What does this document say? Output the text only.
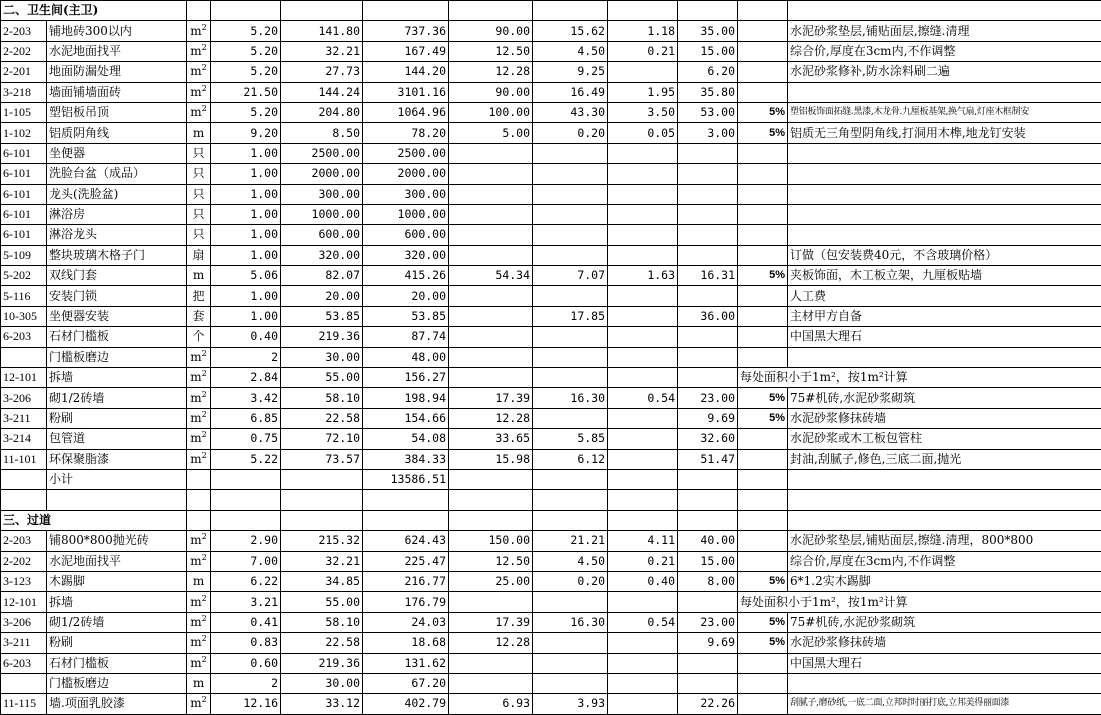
二、卫生间(主卫)											
2-203	铺地砖300以内	$m^2$	5.20	141.80	737.36	90.00	15.62	1.18	35.00		水泥砂浆垫层,铺贴面层,擦缝.清理
2-202	水泥地面找平	$m^2$	5.20	32.21	167.49	12.50	4.50	0.21	15.00		综合价,厚度在3cm内,不作调整
2-201	地面防漏处理	$m^2$	5.20	27.73	144.20	12.28	9.25		6.20		水泥砂浆修补,防水涂料刷二遍
3-218	墙面铺墙面砖	$m^2$	21.50	144.24	3101.16	90.00	16.49	1.95	35.80		
1-105	塑铝板吊顶	$m^2$	5.20	204.80	1064.96	100.00	43.30	3.50	53.00	5%	塑铝板饰面拓缝.黑漆,木龙骨.九厘板基架,换气扇,灯座木框制安
1-102	铝质阴角线	m	9.20	8.50	78.20	5.00	0.20	0.05	3.00	5%	铝质无三角型阴角线,打洞用木榫,地龙钉安装
6-101	坐便器	只	1.00	2500.00	2500.00						
6-101	洗脸台盆（成品）	只	1.00	2000.00	2000.00						
6-101	龙头(洗脸盆)	只	1.00	300.00	300.00						
6-101	淋浴房	只	1.00	1000.00	1000.00						
6-101	淋浴龙头	只	1.00	600.00	600.00						
5-109	整块玻璃木格子门	扇	1.00	320.00	320.00						订做（包安装费40元，不含玻璃价格）
5-202	双线门套	m	5.06	82.07	415.26	54.34	7.07	1.63	16.31	5%	夹板饰面，木工板立架，九厘板贴墙
5-116	安装门锁	把	1.00	20.00	20.00						人工费
10-305	坐便器安装	套	1.00	53.85	53.85		17.85		36.00		主材甲方自备
6-203	石材门槛板	个	0.40	219.36	87.74						中国黑大理石
	门槛板磨边	$m^2$	2	30.00	48.00						
12-101	拆墙	$m^2$	2.84	55.00	156.27					每处面积小于1m²，按1m²计算	
3-206	砌1/2砖墙	$m^2$	3.42	58.10	198.94	17.39	16.30	0.54	23.00	5%	75#机砖,水泥砂浆砌筑
3-211	粉刷	$m^2$	6.85	22.58	154.66	12.28			9.69	5%	水泥砂浆修抹砖墙
3-214	包管道	$m^2$	0.75	72.10	54.08	33.65	5.85		32.60		水泥砂浆或木工板包管柱
11-101	环保聚脂漆	$m^2$	5.22	73.57	384.33	15.98	6.12		51.47		封油,刮腻子,修色,三底二面,抛光
	小计				13586.51						

三、过道											
2-203	铺800*800抛光砖	$m^2$	2.90	215.32	624.43	150.00	21.21	4.11	40.00		水泥砂浆垫层,铺贴面层,擦缝.清理，800*800
2-202	水泥地面找平	$m^2$	7.00	32.21	225.47	12.50	4.50	0.21	15.00		综合价,厚度在3cm内,不作调整
3-123	木踢脚	m	6.22	34.85	216.77	25.00	0.20	0.40	8.00	5%	6*1.2实木踢脚
12-101	拆墙	$m^2$	3.21	55.00	176.79					每处面积小于1m²，按1m²计算	
3-206	砌1/2砖墙	$m^2$	0.41	58.10	24.03	17.39	16.30	0.54	23.00	5%	75#机砖,水泥砂浆砌筑
3-211	粉刷	$m^2$	0.83	22.58	18.68	12.28			9.69	5%	水泥砂浆修抹砖墙
6-203	石材门槛板	$m^2$	0.60	219.36	131.62						中国黑大理石
	门槛板磨边	m	2	30.00	67.20						
11-115	墙.项面乳胶漆	$m^2$	12.16	33.12	402.79	6.93	3.93		22.26		刮腻子,磨砂纸,一底二面,立邦时时丽打底,立邦美得丽面漆
